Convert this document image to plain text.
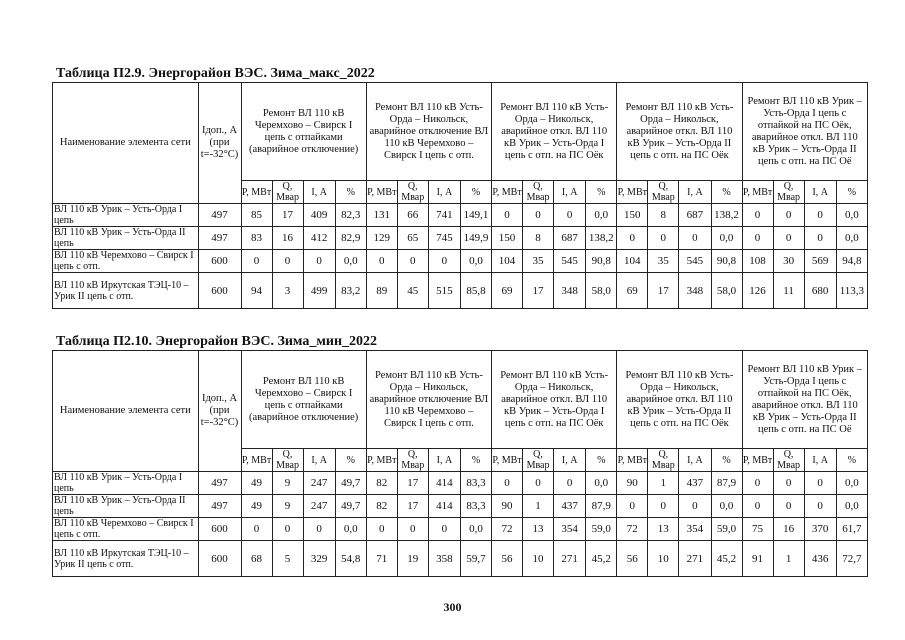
Таблица П2.9. Энергорайон ВЭС. Зима_макс_2022
Наименование элемента сети	Iдоп., А (при t=-32°C)	Ремонт ВЛ 110 кВ Черемхово – Свирск I цепь с отпайками (аварийное отключение)				Ремонт ВЛ 110 кВ Усть-Орда – Никольск, аварийное отключение ВЛ 110 кВ Черемхово – Свирск I цепь с отп.				Ремонт ВЛ 110 кВ Усть-Орда – Никольск, аварийное откл. ВЛ 110 кВ Урик – Усть-Орда I цепь с отп. на ПС Оёк				Ремонт ВЛ 110 кВ Усть-Орда – Никольск, аварийное откл. ВЛ 110 кВ Урик – Усть-Орда II цепь с отп. на ПС Оёк				Ремонт ВЛ 110 кВ Урик – Усть-Орда I цепь с отпайкой на ПС Оёк, аварийное откл. ВЛ 110 кВ Урик – Усть-Орда II цепь с отп. на ПС Оё			
		P, МВт	Q, Мвар	I, А	%	P, МВт	Q, Мвар	I, А	%	P, МВт	Q, Мвар	I, А	%	P, МВт	Q, Мвар	I, А	%	P, МВт	Q, Мвар	I, А	%
ВЛ 110 кВ Урик – Усть-Орда I цепь	497	85	17	409	82,3	131	66	741	149,1	0	0	0	0,0	150	8	687	138,2	0	0	0	0,0
ВЛ 110 кВ Урик – Усть-Орда II цепь	497	83	16	412	82,9	129	65	745	149,9	150	8	687	138,2	0	0	0	0,0	0	0	0	0,0
ВЛ 110 кВ Черемхово – Свирск I цепь с отп.	600	0	0	0	0,0	0	0	0	0,0	104	35	545	90,8	104	35	545	90,8	108	30	569	94,8
ВЛ 110 кВ Иркутская ТЭЦ-10 – Урик II цепь с отп.	600	94	3	499	83,2	89	45	515	85,8	69	17	348	58,0	69	17	348	58,0	126	11	680	113,3
Таблица П2.10. Энергорайон ВЭС. Зима_мин_2022
Наименование элемента сети	Iдоп., А (при t=-32°C)	Ремонт ВЛ 110 кВ Черемхово – Свирск I цепь с отпайками (аварийное отключение)				Ремонт ВЛ 110 кВ Усть-Орда – Никольск, аварийное отключение ВЛ 110 кВ Черемхово – Свирск I цепь с отп.				Ремонт ВЛ 110 кВ Усть-Орда – Никольск, аварийное откл. ВЛ 110 кВ Урик – Усть-Орда I цепь с отп. на ПС Оёк				Ремонт ВЛ 110 кВ Усть-Орда – Никольск, аварийное откл. ВЛ 110 кВ Урик – Усть-Орда II цепь с отп. на ПС Оёк				Ремонт ВЛ 110 кВ Урик – Усть-Орда I цепь с отпайкой на ПС Оёк, аварийное откл. ВЛ 110 кВ Урик – Усть-Орда II цепь с отп. на ПС Оё			
		P, МВт	Q, Мвар	I, А	%	P, МВт	Q, Мвар	I, А	%	P, МВт	Q, Мвар	I, А	%	P, МВт	Q, Мвар	I, А	%	P, МВт	Q, Мвар	I, А	%
ВЛ 110 кВ Урик – Усть-Орда I цепь	497	49	9	247	49,7	82	17	414	83,3	0	0	0	0,0	90	1	437	87,9	0	0	0	0,0
ВЛ 110 кВ Урик – Усть-Орда II цепь	497	49	9	247	49,7	82	17	414	83,3	90	1	437	87,9	0	0	0	0,0	0	0	0	0,0
ВЛ 110 кВ Черемхово – Свирск I цепь с отп.	600	0	0	0	0,0	0	0	0	0,0	72	13	354	59,0	72	13	354	59,0	75	16	370	61,7
ВЛ 110 кВ Иркутская ТЭЦ-10 – Урик II цепь с отп.	600	68	5	329	54,8	71	19	358	59,7	56	10	271	45,2	56	10	271	45,2	91	1	436	72,7
300
